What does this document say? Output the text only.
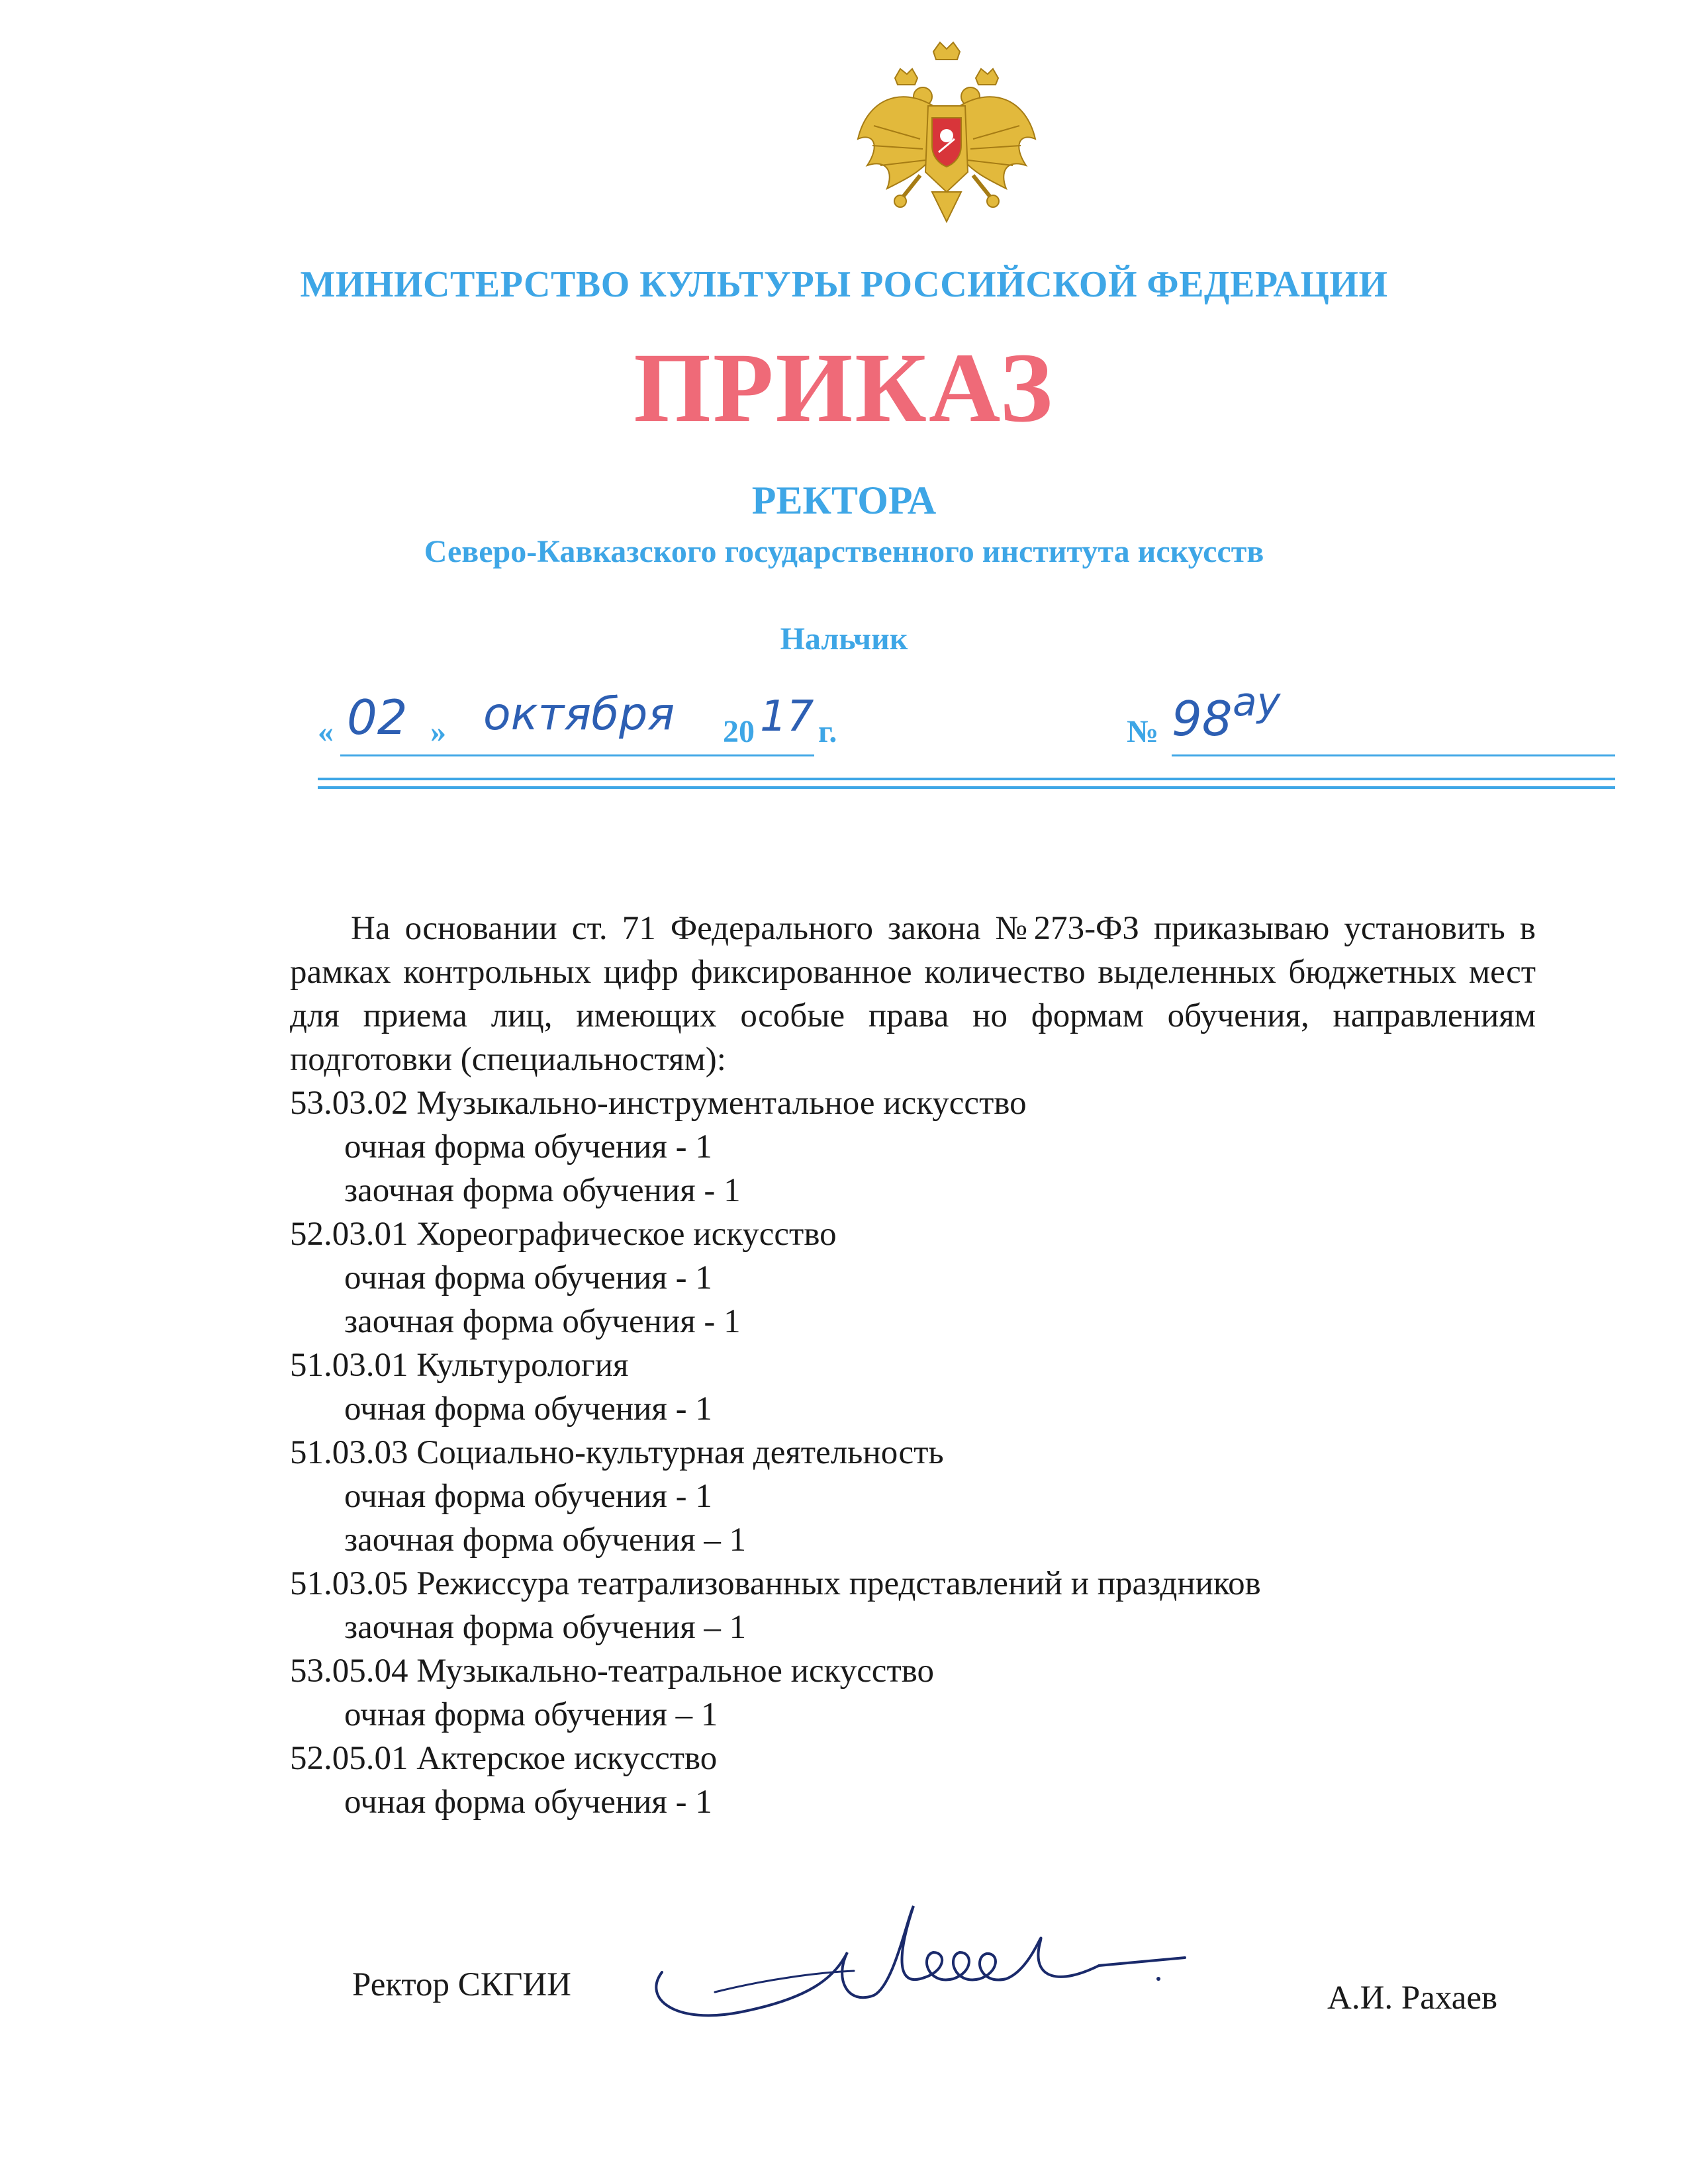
МИНИСТЕРСТВО КУЛЬТУРЫ РОССИЙСКОЙ ФЕДЕРАЦИИ
ПРИКАЗ
РЕКТОРА
Северо-Кавказского государственного института искусств
Нальчик
« 02 » октября 20 17 г.	№ 98 ау

На основании ст. 71 Федерального закона №273-ФЗ приказываю установить в рамках контрольных цифр фиксированное количество выделенных бюджетных мест для приема лиц, имеющих особые права но формам обучения, направлениям подготовки (специальностям):

53.03.02 Музыкально-инструментальное искусство
очная форма обучения - 1
заочная форма обучения - 1
52.03.01 Хореографическое искусство
очная форма обучения - 1
заочная форма обучения - 1
51.03.01 Культурология
очная форма обучения - 1
51.03.03 Социально-культурная деятельность
очная форма обучения - 1
заочная форма обучения – 1
51.03.05 Режиссура театрализованных представлений и праздников
заочная форма обучения – 1
53.05.04 Музыкально-театральное искусство
очная форма обучения – 1
52.05.01 Актерское искусство
очная форма обучения - 1
Ректор СКГИИ	А.И. Рахаев
